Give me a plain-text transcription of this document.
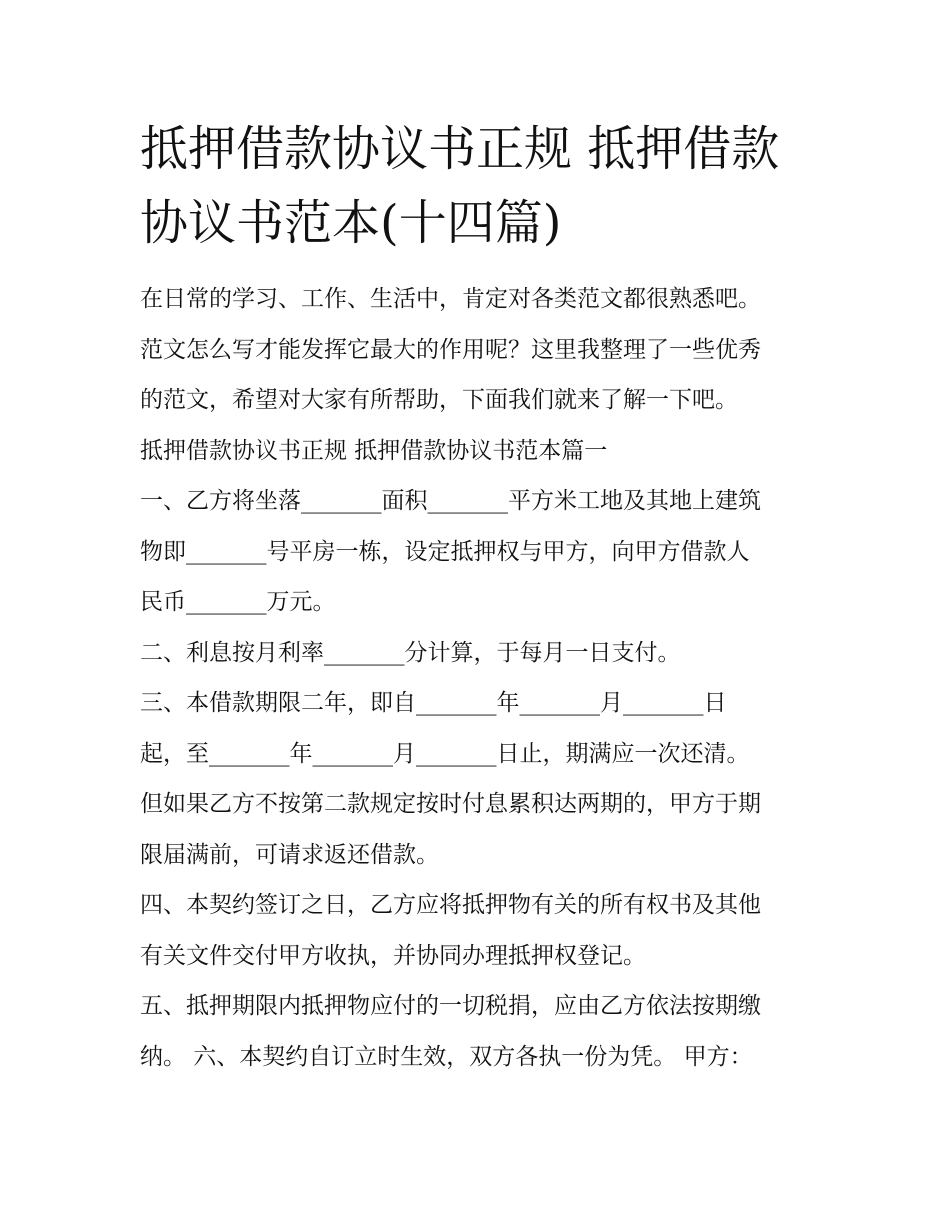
抵押借款协议书正规 抵押借款
协议书范本(十四篇)
在日常的学习、工作、生活中，肯定对各类范文都很熟悉吧。
范文怎么写才能发挥它最大的作用呢？这里我整理了一些优秀
的范文，希望对大家有所帮助，下面我们就来了解一下吧。
抵押借款协议书正规 抵押借款协议书范本篇一
一、乙方将坐落_______面积_______平方米工地及其地上建筑
物即_______号平房一栋，设定抵押权与甲方，向甲方借款人
民币_______万元。
二、利息按月利率_______分计算，于每月一日支付。
三、本借款期限二年，即自_______年_______月_______日
起，至_______年_______月_______日止，期满应一次还清。
但如果乙方不按第二款规定按时付息累积达两期的，甲方于期
限届满前，可请求返还借款。
四、本契约签订之日，乙方应将抵押物有关的所有权书及其他
有关文件交付甲方收执，并协同办理抵押权登记。
五、抵押期限内抵押物应付的一切税捐，应由乙方依法按期缴
纳。 六、本契约自订立时生效，双方各执一份为凭。 甲方：
